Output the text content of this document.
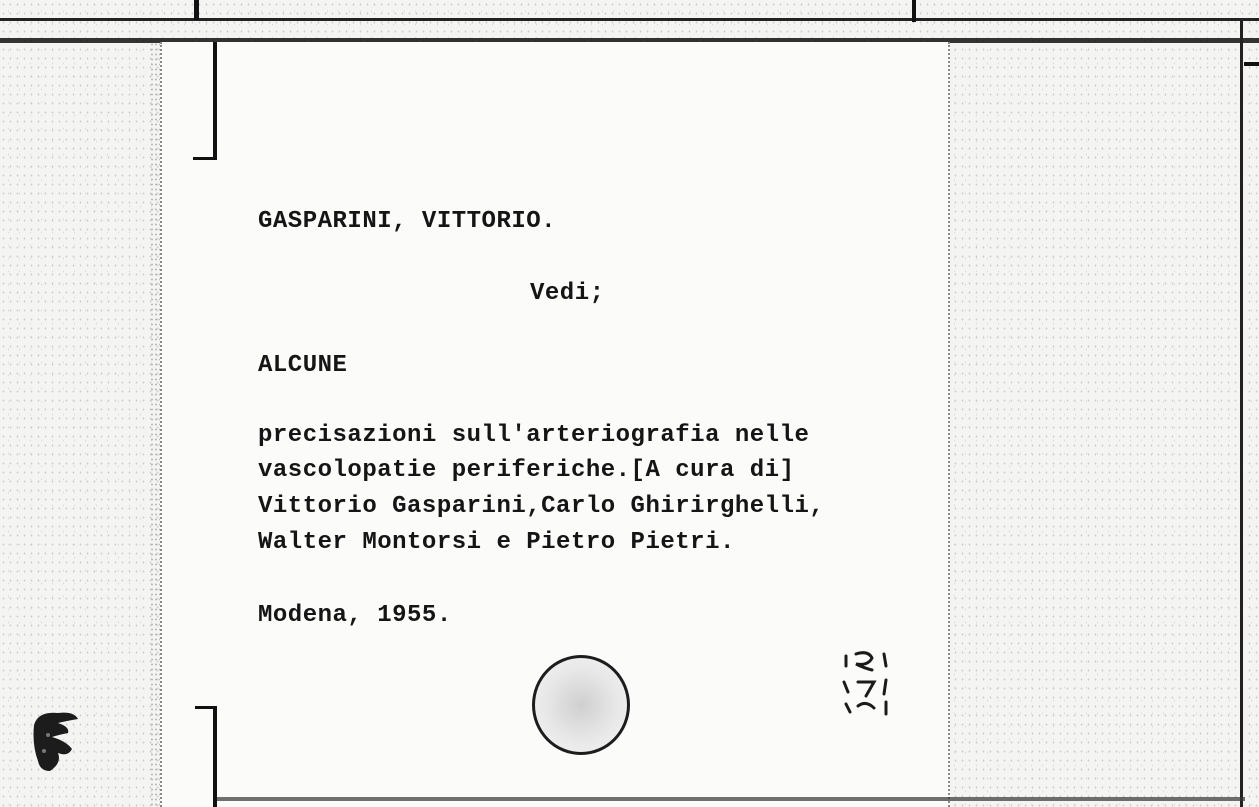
GASPARINI, VITTORIO.

Vedi;

ALCUNE

precisazioni sull'arteriografia nelle

vascolopatie periferiche.[A cura di]

Vittorio Gasparini,Carlo Ghirirghelli,

Walter Montorsi e Pietro Pietri.

Modena, 1955.
